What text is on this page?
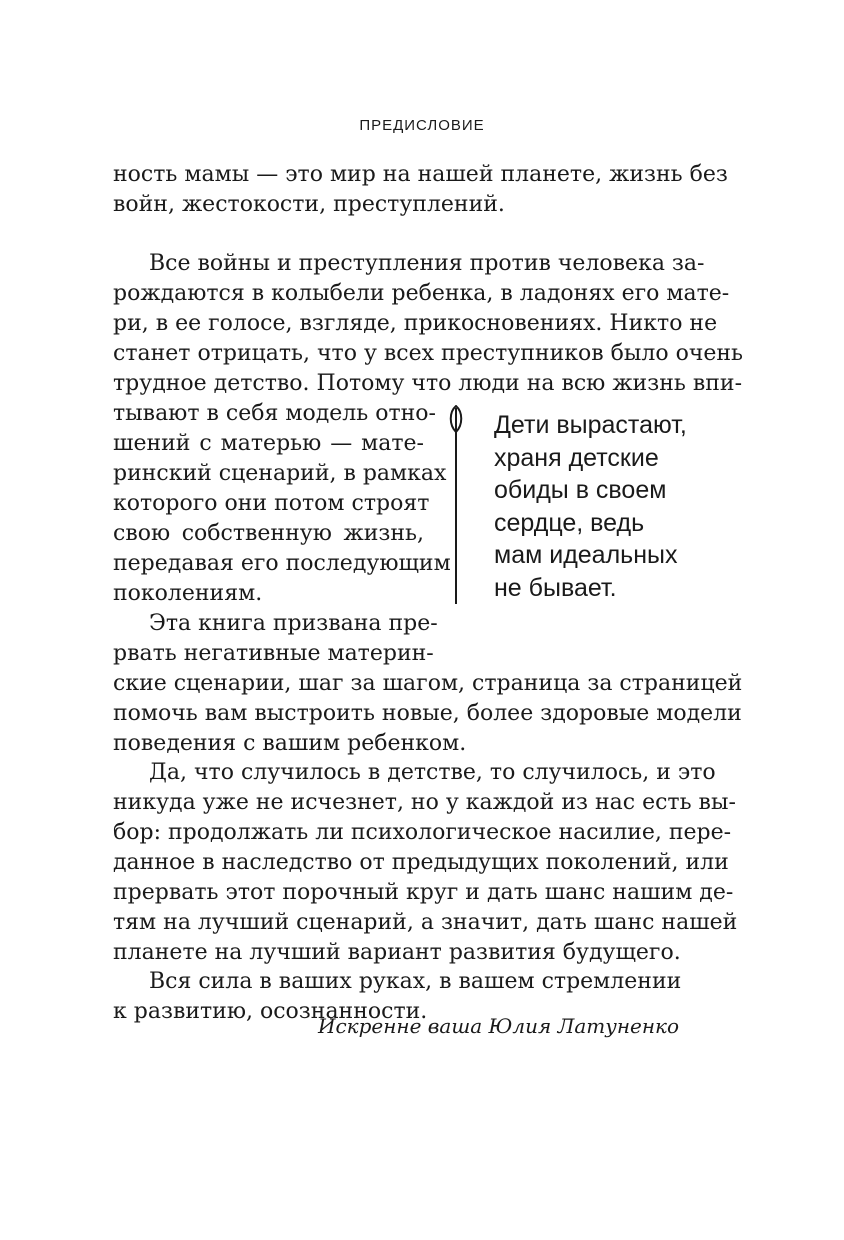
ПРЕДИСЛОВИЕ
ность мамы — это мир на нашей планете, жизнь без
войн, жестокости, преступлений.
Все войны и преступления против человека за-
рождаются в колыбели ребенка, в ладонях его мате-
ри, в ее голосе, взгляде, прикосновениях. Никто не
станет отрицать, что у всех преступников было очень
трудное детство. Потому что люди на всю жизнь впи-
тывают в себя модель отно-
шений с матерью — мате-
ринский сценарий, в рамках
которого они потом строят
свою собственную жизнь,
передавая его последующим
поколениям.
Эта книга призвана пре-
рвать негативные материн-
ские сценарии, шаг за шагом, страница за страницей
помочь вам выстроить новые, более здоровые модели
поведения с вашим ребенком.
Да, что случилось в детстве, то случилось, и это
никуда уже не исчезнет, но у каждой из нас есть вы-
бор: продолжать ли психологическое насилие, пере-
данное в наследство от предыдущих поколений, или
прервать этот порочный круг и дать шанс нашим де-
тям на лучший сценарий, а значит, дать шанс нашей
планете на лучший вариант развития будущего.
Вся сила в ваших руках, в вашем стремлении
к развитию, осознанности.
Дети вырастают,
храня детские
обиды в своем
сердце, ведь
мам идеальных
не бывает.
Искренне ваша Юлия Латуненко
